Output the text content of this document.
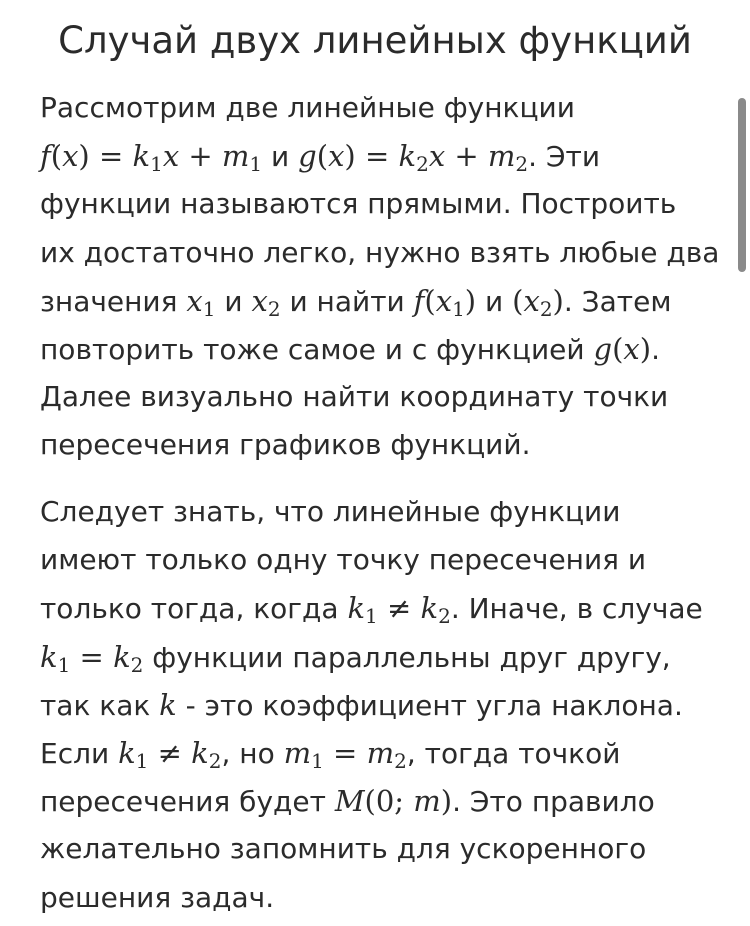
Случай двух линейных функций
Рассмотрим две линейные функции
$f(x) = k_1x + m_1$ и $g(x) = k_2x + m_2$. Эти
функции называются прямыми. Построить
их достаточно легко, нужно взять любые два
значения $x_1$ и $x_2$ и найти $f(x_1)$ и $(x_2)$. Затем
повторить тоже самое и с функцией g(x).
Далее визуально найти координату точки
пересечения графиков функций.
Следует знать, что линейные функции
имеют только одну точку пересечения и
только тогда, когда $k_1 \ne k_2$. Иначе, в случае
$k_1 = k_2$ функции параллельны друг другу,
так как k - это коэффициент угла наклона.
Если $k_1 \ne k_2$, но $m_1 = m_2$, тогда точкой
пересечения будет M(0; m). Это правило
желательно запомнить для ускоренного
решения задач.
